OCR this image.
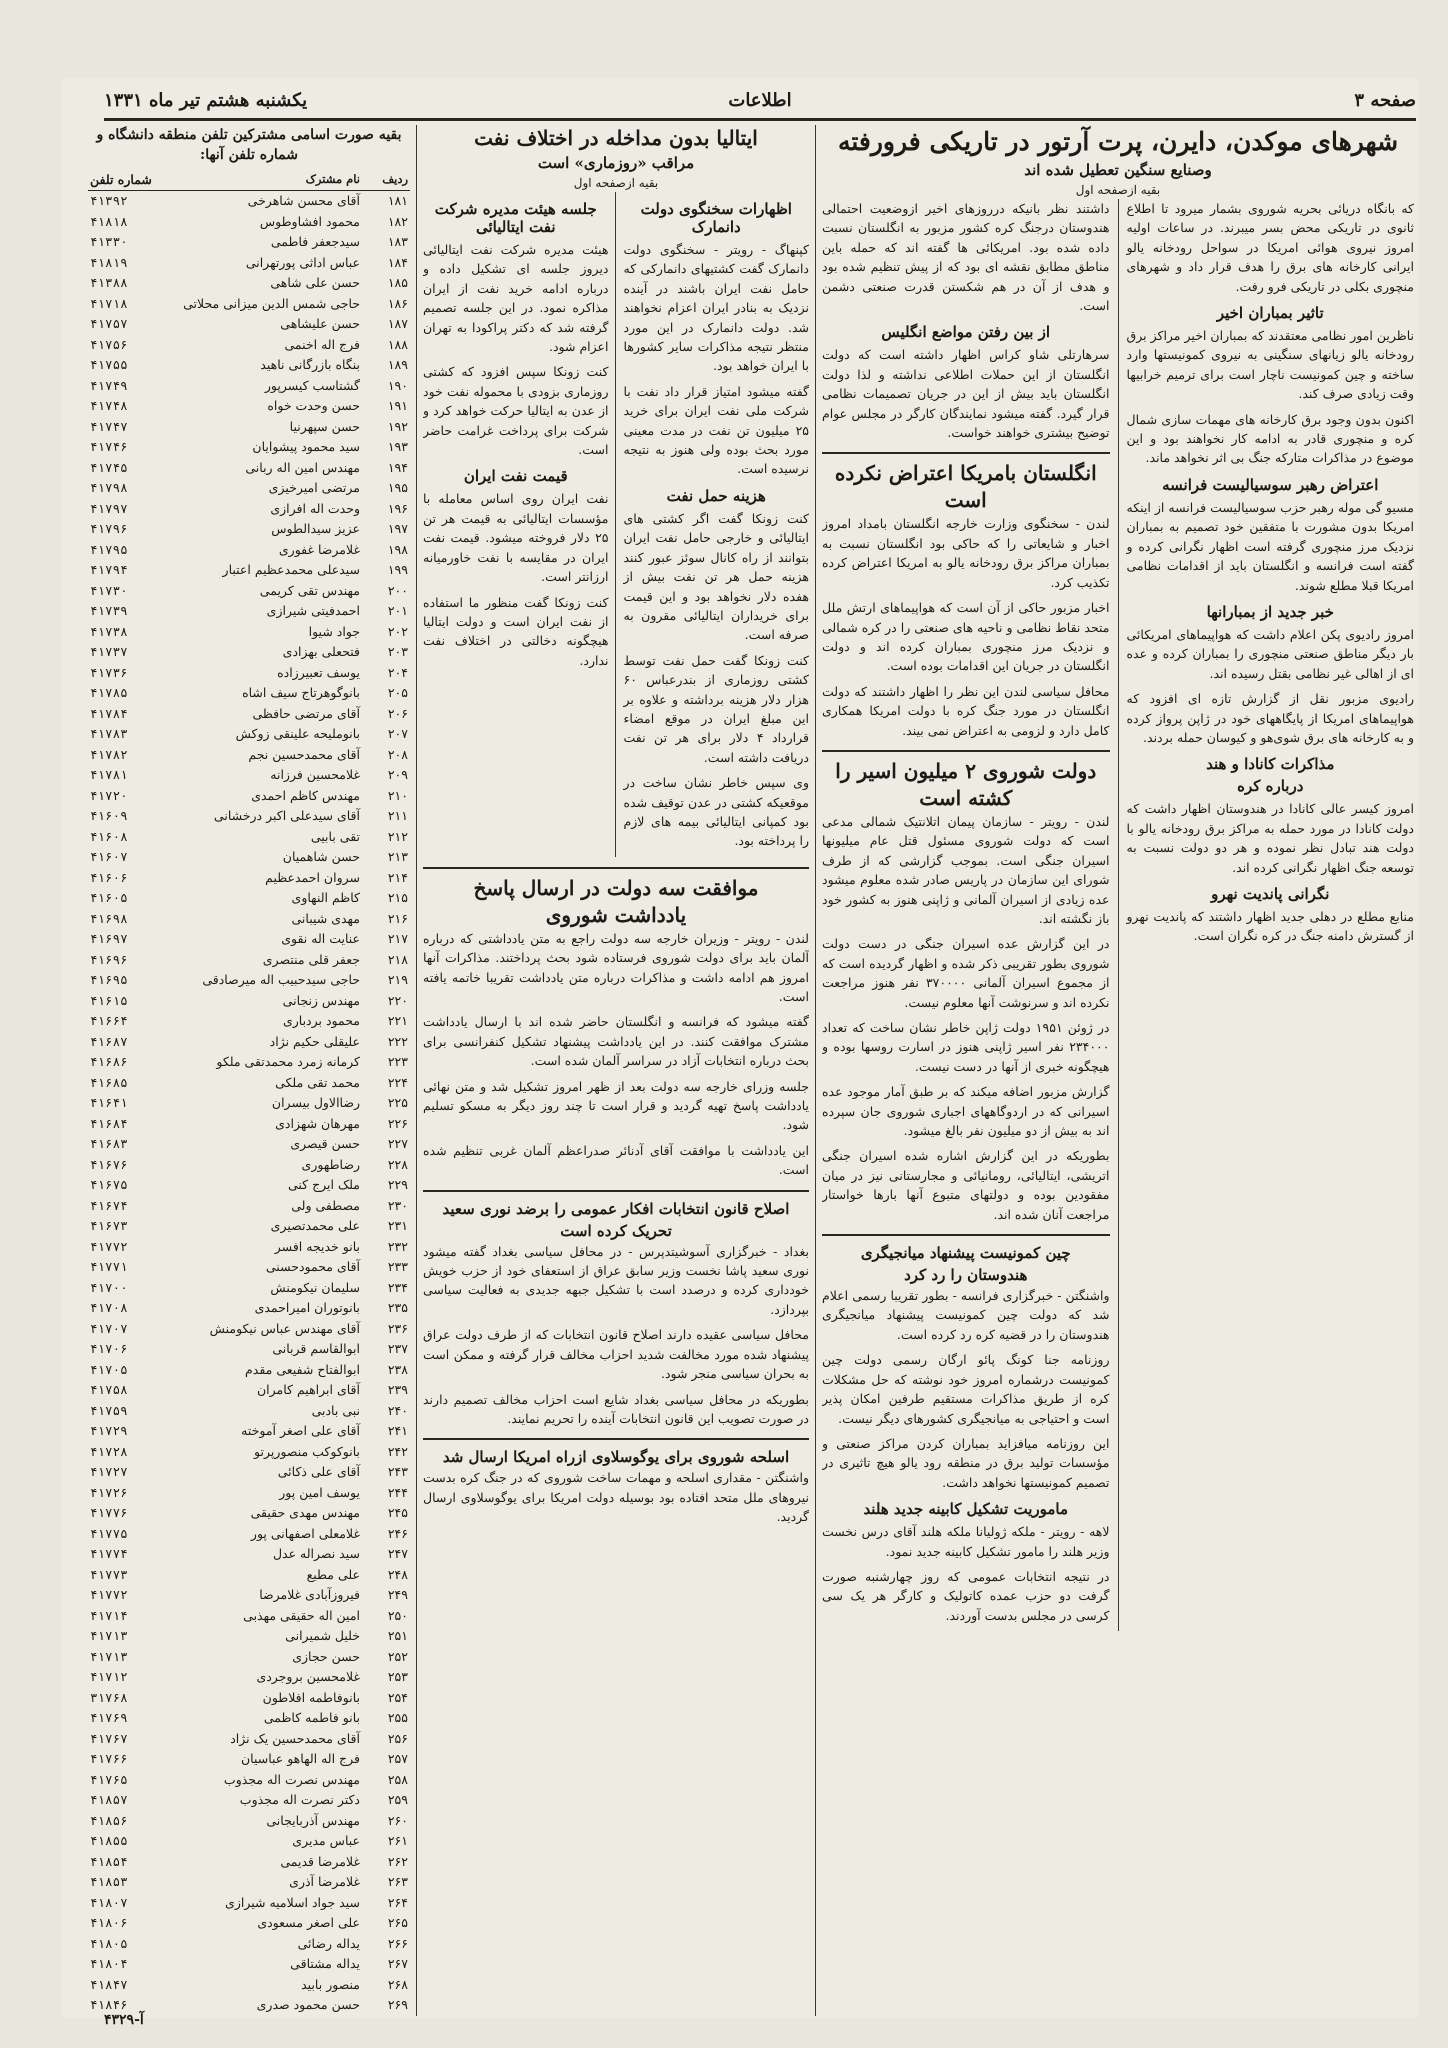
صفحه ۳
اطلاعات
یکشنبه هشتم تیر ماه ۱۳۳۱
شهرهای موکدن، دایرن، پرت آرتور در تاریکی فرورفته
وصنایع سنگین تعطیل شده اند
بقیه ازصفحه اول

که بانگاه دریائی بحریه شوروی بشمار میرود تا اطلاع ثانوی در تاریکی محض بسر میبرند. در ساعات اولیه امروز نیروی هوائی امریکا در سواحل رودخانه یالو ایرانی کارخانه های برق را هدف قرار داد و شهرهای منچوری بکلی در تاریکی فرو رفت.

تاثیر بمباران اخیر

ناظرین امور نظامی معتقدند که بمباران اخیر مراکز برق رودخانه یالو زیانهای سنگینی به نیروی کمونیستها وارد ساخته و چین کمونیست ناچار است برای ترمیم خرابیها وقت زیادی صرف کند.

اکنون بدون وجود برق کارخانه های مهمات سازی شمال کره و منچوری قادر به ادامه کار نخواهند بود و این موضوع در مذاکرات متارکه جنگ بی اثر نخواهد ماند.

اعتراض رهبر سوسیالیست فرانسه

مسیو گی موله رهبر حزب سوسیالیست فرانسه از اینکه امریکا بدون مشورت با متفقین خود تصمیم به بمباران نزدیک مرز منچوری گرفته است اظهار نگرانی کرده و گفته است فرانسه و انگلستان باید از اقدامات نظامی امریکا قبلا مطلع شوند.

خبر جدید از بمبارانها

امروز رادیوی پکن اعلام داشت که هواپیماهای امریکائی بار دیگر مناطق صنعتی منچوری را بمباران کرده و عده ای از اهالی غیر نظامی بقتل رسیده اند.

رادیوی مزبور نقل از گزارش تازه ای افزود که هواپیماهای امریکا از پایگاههای خود در ژاپن پرواز کرده و به کارخانه های برق شوی‌هو و کیوسان حمله بردند.

مذاکرات کانادا و هند
درباره کره

امروز کیسر عالی کانادا در هندوستان اظهار داشت که دولت کانادا در مورد حمله به مراکز برق رودخانه یالو با دولت هند تبادل نظر نموده و هر دو دولت نسبت به توسعه جنگ اظهار نگرانی کرده اند.

نگرانی پاندیت نهرو

منابع مطلع در دهلی جدید اظهار داشتند که پاندیت نهرو از گسترش دامنه جنگ در کره نگران است.

داشتند نظر بانیکه درروزهای اخیر ازوضعیت احتمالی هندوستان درجنگ کره کشور مزبور به انگلستان نسبت داده شده بود. امریکائی ها گفته اند که حمله باین مناطق مطابق نقشه ای بود که از پیش تنظیم شده بود و هدف از آن در هم شکستن قدرت صنعتی دشمن است.

از بین رفتن مواضع انگلیس

سرهارتلی شاو کراس اظهار داشته است که دولت انگلستان از این حملات اطلاعی نداشته و لذا دولت انگلستان باید بیش از این در جریان تصمیمات نظامی قرار گیرد. گفته میشود نمایندگان کارگر در مجلس عوام توضیح بیشتری خواهند خواست.

انگلستان بامریکا اعتراض نکرده است

لندن - سخنگوی وزارت خارجه انگلستان بامداد امروز اخبار و شایعاتی را که حاکی بود انگلستان نسبت به بمباران مراکز برق رودخانه یالو به امریکا اعتراض کرده تکذیب کرد.

اخبار مزبور حاکی از آن است که هواپیماهای ارتش ملل متحد نقاط نظامی و ناحیه های صنعتی را در کره شمالی و نزدیک مرز منچوری بمباران کرده اند و دولت انگلستان در جریان این اقدامات بوده است.

محافل سیاسی لندن این نظر را اظهار داشتند که دولت انگلستان در مورد جنگ کره با دولت امریکا همکاری کامل دارد و لزومی به اعتراض نمی بیند.

دولت شوروی ۲ میلیون اسیر را کشته است

لندن - رویتر - سازمان پیمان اتلانتیک شمالی مدعی است که دولت شوروی مسئول قتل عام میلیونها اسیران جنگی است. بموجب گزارشی که از طرف شورای این سازمان در پاریس صادر شده معلوم میشود عده زیادی از اسیران آلمانی و ژاپنی هنوز به کشور خود باز نگشته اند.

در این گزارش عده اسیران جنگی در دست دولت شوروی بطور تقریبی ذکر شده و اظهار گردیده است که از مجموع اسیران آلمانی ۳۷۰۰۰۰ نفر هنوز مراجعت نکرده اند و سرنوشت آنها معلوم نیست.

در ژوئن ۱۹۵۱ دولت ژاپن خاطر نشان ساخت که تعداد ۲۳۴۰۰۰ نفر اسیر ژاپنی هنوز در اسارت روسها بوده و هیچگونه خبری از آنها در دست نیست.

گزارش مزبور اضافه میکند که بر طبق آمار موجود عده اسیرانی که در اردوگاههای اجباری شوروی جان سپرده اند به بیش از دو میلیون نفر بالغ میشود.

بطوریکه در این گزارش اشاره شده اسیران جنگی اتریشی، ایتالیائی، رومانیائی و مجارستانی نیز در میان مفقودین بوده و دولتهای متبوع آنها بارها خواستار مراجعت آنان شده اند.

چین کمونیست پیشنهاد میانجیگری
هندوستان را رد کرد

واشنگتن - خبرگزاری فرانسه - بطور تقریبا رسمی اعلام شد که دولت چین کمونیست پیشنهاد میانجیگری هندوستان را در قضیه کره رد کرده است.

روزنامه جنا کونگ پائو ارگان رسمی دولت چین کمونیست درشماره امروز خود نوشته که حل مشکلات کره از طریق مذاکرات مستقیم طرفین امکان پذیر است و احتیاجی به میانجیگری کشورهای دیگر نیست.

این روزنامه میافزاید بمباران کردن مراکز صنعتی و مؤسسات تولید برق در منطقه رود یالو هیچ تاثیری در تصمیم کمونیستها نخواهد داشت.

ماموریت تشکیل کابینه جدید هلند

لاهه - رویتر - ملکه ژولیانا ملکه هلند آقای درس نخست وزیر هلند را مامور تشکیل کابینه جدید نمود.

در نتیجه انتخابات عمومی که روز چهارشنبه صورت گرفت دو حزب عمده کاتولیک و کارگر هر یک سی کرسی در مجلس بدست آوردند.

ایتالیا بدون مداخله در اختلاف نفت
مراقب «روزماری» است
بقیه ازصفحه اول
اظهارات سخنگوی دولت دانمارک

کپنهاگ - رویتر - سخنگوی دولت دانمارک گفت کشتیهای دانمارکی که حامل نفت ایران باشند در آینده نزدیک به بنادر ایران اعزام نخواهند شد. دولت دانمارک در این مورد منتظر نتیجه مذاکرات سایر کشورها با ایران خواهد بود.

گفته میشود امتیاز قرار داد نفت با شرکت ملی نفت ایران برای خرید ۲۵ میلیون تن نفت در مدت معینی مورد بحث بوده ولی هنوز به نتیجه نرسیده است.

هزینه حمل نفت

کنت زونکا گفت اگر کشتی های ایتالیائی و خارجی حامل نفت ایران بتوانند از راه کانال سوئز عبور کنند هزینه حمل هر تن نفت بیش از هفده دلار نخواهد بود و این قیمت برای خریداران ایتالیائی مقرون به صرفه است.

کنت زونکا گفت حمل نفت توسط کشتی روزماری از بندرعباس ۶۰ هزار دلار هزینه برداشته و علاوه بر این مبلغ ایران در موقع امضاء قرارداد ۴ دلار برای هر تن نفت دریافت داشته است.

وی سپس خاطر نشان ساخت در موقعیکه کشتی در عدن توقیف شده بود کمپانی ایتالیائی بیمه های لازم را پرداخته بود.

جلسه هیئت مدیره شرکت نفت ایتالیائی

هیئت مدیره شرکت نفت ایتالیائی دیروز جلسه ای تشکیل داده و درباره ادامه خرید نفت از ایران مذاکره نمود. در این جلسه تصمیم گرفته شد که دکتر پراکودا به تهران اعزام شود.

کنت زونکا سپس افزود که کشتی روزماری بزودی با محموله نفت خود از عدن به ایتالیا حرکت خواهد کرد و شرکت برای پرداخت غرامت حاضر است.

قیمت نفت ایران

نفت ایران روی اساس معامله با مؤسسات ایتالیائی به قیمت هر تن ۲۵ دلار فروخته میشود. قیمت نفت ایران در مقایسه با نفت خاورمیانه ارزانتر است.

کنت زونکا گفت منظور ما استفاده از نفت ایران است و دولت ایتالیا هیچگونه دخالتی در اختلاف نفت ندارد.

موافقت سه دولت در ارسال پاسخ
یادداشت شوروی

لندن - رویتر - وزیران خارجه سه دولت راجع به متن یادداشتی که درباره آلمان باید برای دولت شوروی فرستاده شود بحث پرداختند. مذاکرات آنها امروز هم ادامه داشت و مذاکرات درباره متن یادداشت تقریبا خاتمه یافته است.

گفته میشود که فرانسه و انگلستان حاضر شده اند با ارسال یادداشت مشترک موافقت کنند. در این یادداشت پیشنهاد تشکیل کنفرانسی برای بحث درباره انتخابات آزاد در سراسر آلمان شده است.

جلسه وزرای خارجه سه دولت بعد از ظهر امروز تشکیل شد و متن نهائی یادداشت پاسخ تهیه گردید و قرار است تا چند روز دیگر به مسکو تسلیم شود.

این یادداشت با موافقت آقای آدنائر صدراعظم آلمان غربی تنظیم شده است.

اصلاح قانون انتخابات افکار عمومی را برضد نوری سعید تحریک کرده است

بغداد - خبرگزاری آسوشیتدپرس - در محافل سیاسی بغداد گفته میشود نوری سعید پاشا نخست وزیر سابق عراق از استعفای خود از حزب خویش خودداری کرده و درصدد است با تشکیل جبهه جدیدی به فعالیت سیاسی بپردازد.

محافل سیاسی عقیده دارند اصلاح قانون انتخابات که از طرف دولت عراق پیشنهاد شده مورد مخالفت شدید احزاب مخالف قرار گرفته و ممکن است به بحران سیاسی منجر شود.

بطوریکه در محافل سیاسی بغداد شایع است احزاب مخالف تصمیم دارند در صورت تصویب این قانون انتخابات آینده را تحریم نمایند.

اسلحه شوروی برای یوگوسلاوی ازراه امریکا ارسال شد

واشنگتن - مقداری اسلحه و مهمات ساخت شوروی که در جنگ کره بدست نیروهای ملل متحد افتاده بود بوسیله دولت امریکا برای یوگوسلاوی ارسال گردید.

بقیه صورت اسامی مشترکین تلفن منطقه دانشگاه و شماره تلفن آنها:
ردیف	نام مشترک	شماره تلفن
۱۸۱	آقای محسن شاهرخی	۴۱۳۹۲
۱۸۲	محمود افشاوطوس	۴۱۸۱۸
۱۸۳	سیدجعفر فاطمی	۴۱۳۳۰
۱۸۴	عباس اداثی پورتهرانی	۴۱۸۱۹
۱۸۵	حسن علی شاهی	۴۱۳۸۸
۱۸۶	حاجی شمس الدین میزانی محلاتی	۴۱۷۱۸
۱۸۷	حسن علیشاهی	۴۱۷۵۷
۱۸۸	فرج اله اخنمی	۴۱۷۵۶
۱۸۹	بنگاه بازرگانی ناهید	۴۱۷۵۵
۱۹۰	گشتاسب کیسرپور	۴۱۷۴۹
۱۹۱	حسن وحدت خواه	۴۱۷۴۸
۱۹۲	حسن سپهرنیا	۴۱۷۴۷
۱۹۳	سید محمود پیشوایان	۴۱۷۴۶
۱۹۴	مهندس امین اله ربانی	۴۱۷۴۵
۱۹۵	مرتضی امیرخیزی	۴۱۷۹۸
۱۹۶	وحدت اله افرازی	۴۱۷۹۷
۱۹۷	عزیز سیدالطوس	۴۱۷۹۶
۱۹۸	غلامرضا غفوری	۴۱۷۹۵
۱۹۹	سیدعلی محمدعظیم اعتبار	۴۱۷۹۴
۲۰۰	مهندس تقی کریمی	۴۱۷۳۰
۲۰۱	احمدفیتی شیرازی	۴۱۷۳۹
۲۰۲	جواد شیوا	۴۱۷۳۸
۲۰۳	فتحعلی بهزادی	۴۱۷۳۷
۲۰۴	یوسف تعبیرزاده	۴۱۷۳۶
۲۰۵	بانوگوهرتاج سیف اشاه	۴۱۷۸۵
۲۰۶	آقای مرتضی حافظی	۴۱۷۸۴
۲۰۷	بانوملیحه علینقی زوکش	۴۱۷۸۳
۲۰۸	آقای محمدحسین نجم	۴۱۷۸۲
۲۰۹	غلامحسین فرزانه	۴۱۷۸۱
۲۱۰	مهندس کاظم احمدی	۴۱۷۲۰
۲۱۱	آقای سیدعلی اکبر درخشانی	۴۱۶۰۹
۲۱۲	تقی بابیی	۴۱۶۰۸
۲۱۳	حسن شاهمیان	۴۱۶۰۷
۲۱۴	سروان احمدعظیم	۴۱۶۰۶
۲۱۵	کاظم النهاوی	۴۱۶۰۵
۲۱۶	مهدی شیبانی	۴۱۶۹۸
۲۱۷	عنایت اله نقوی	۴۱۶۹۷
۲۱۸	جعفر قلی منتصری	۴۱۶۹۶
۲۱۹	حاجی سیدحبیب اله میرصادقی	۴۱۶۹۵
۲۲۰	مهندس زنجانی	۴۱۶۱۵
۲۲۱	محمود بردباری	۴۱۶۶۴
۲۲۲	علیقلی حکیم نژاد	۴۱۶۸۷
۲۲۳	کرمانه زمرد محمدتقی ملکو	۴۱۶۸۶
۲۲۴	محمد تقی ملکی	۴۱۶۸۵
۲۲۵	رضاالاول بیسران	۴۱۶۴۱
۲۲۶	مهرهان شهزادی	۴۱۶۸۴
۲۲۷	حسن قیصری	۴۱۶۸۳
۲۲۸	رضاطهوری	۴۱۶۷۶
۲۲۹	ملک ایرج کنی	۴۱۶۷۵
۲۳۰	مصطفی ولی	۴۱۶۷۴
۲۳۱	علی محمدتصیری	۴۱۶۷۳
۲۳۲	بانو خدیجه افسر	۴۱۷۷۲
۲۳۳	آقای محمودحسنی	۴۱۷۷۱
۲۳۴	سلیمان نیکومنش	۴۱۷۰۰
۲۳۵	بانوتوران امیراحمدی	۴۱۷۰۸
۲۳۶	آقای مهندس عباس نیکومنش	۴۱۷۰۷
۲۳۷	ابوالقاسم قربانی	۴۱۷۰۶
۲۳۸	ابوالفتاح شفیعی مقدم	۴۱۷۰۵
۲۳۹	آقای ابراهیم کامران	۴۱۷۵۸
۲۴۰	نبی بادبی	۴۱۷۵۹
۲۴۱	آقای علی اصغر آموخته	۴۱۷۲۹
۲۴۲	بانوکوکب منصورپرتو	۴۱۷۲۸
۲۴۳	آقای علی ذکائی	۴۱۷۲۷
۲۴۴	یوسف امین پور	۴۱۷۲۶
۲۴۵	مهندس مهدی حقیقی	۴۱۷۷۶
۲۴۶	غلامعلی اصفهانی پور	۴۱۷۷۵
۲۴۷	سید نصراله عدل	۴۱۷۷۴
۲۴۸	علی مطیع	۴۱۷۷۳
۲۴۹	فیروزآبادی غلامرضا	۴۱۷۷۲
۲۵۰	امین اله حقیقی مهذبی	۴۱۷۱۴
۲۵۱	خلیل شمیرانی	۴۱۷۱۳
۲۵۲	حسن حجازی	۴۱۷۱۳
۲۵۳	غلامحسین بروجردی	۴۱۷۱۲
۲۵۴	بانوفاطمه افلاطون	۳۱۷۶۸
۲۵۵	بانو فاطمه کاظمی	۴۱۷۶۹
۲۵۶	آقای محمدحسین یک نژاد	۴۱۷۶۷
۲۵۷	فرج اله الهاهو عباسیان	۴۱۷۶۶
۲۵۸	مهندس نصرت اله مجذوب	۴۱۷۶۵
۲۵۹	دکتر نصرت اله مجذوب	۴۱۸۵۷
۲۶۰	مهندس آذربایجانی	۴۱۸۵۶
۲۶۱	عباس مدیری	۴۱۸۵۵
۲۶۲	غلامرضا قدیمی	۴۱۸۵۴
۲۶۳	غلامرضا آذری	۴۱۸۵۳
۲۶۴	سید جواد اسلامیه شیرازی	۴۱۸۰۷
۲۶۵	علی اصغر مسعودی	۴۱۸۰۶
۲۶۶	یداله رضائی	۴۱۸۰۵
۲۶۷	یداله مشتاقی	۴۱۸۰۴
۲۶۸	منصور بابید	۴۱۸۴۷
۲۶۹	حسن محمود صدری	۴۱۸۴۶

آ-۴۳۲۹
